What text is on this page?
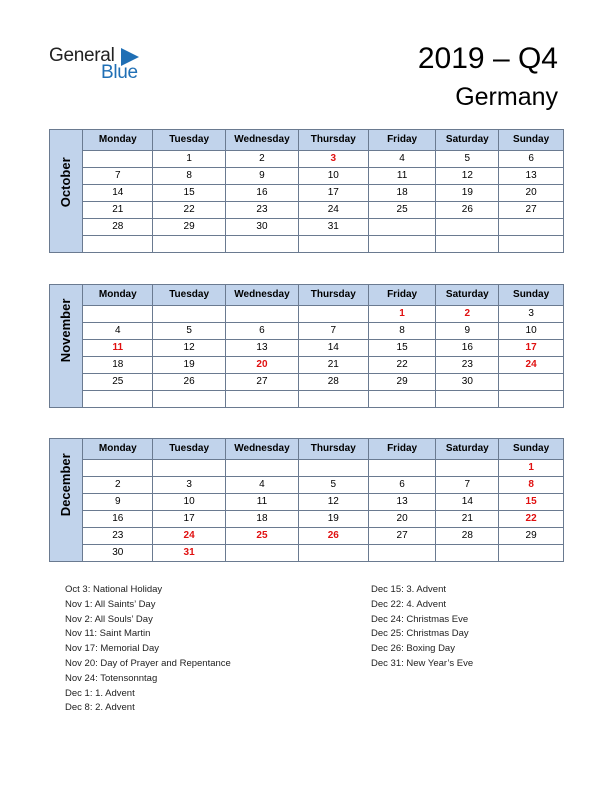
General
Blue	2019 – Q4
Germany
October	Monday	Tuesday	Wednesday	Thursday	Friday	Saturday	Sunday
		1	2	3	4	5	6
	7	8	9	10	11	12	13
	14	15	16	17	18	19	20
	21	22	23	24	25	26	27
	28	29	30	31			

November	Monday	Tuesday	Wednesday	Thursday	Friday	Saturday	Sunday
					1	2	3
	4	5	6	7	8	9	10
	11	12	13	14	15	16	17
	18	19	20	21	22	23	24
	25	26	27	28	29	30	

December	Monday	Tuesday	Wednesday	Thursday	Friday	Saturday	Sunday
							1
	2	3	4	5	6	7	8
	9	10	11	12	13	14	15
	16	17	18	19	20	21	22
	23	24	25	26	27	28	29
	30	31					
Oct 3: National Holiday
Nov 1: All Saints’ Day
Nov 2: All Souls’ Day
Nov 11: Saint Martin
Nov 17: Memorial Day
Nov 20: Day of Prayer and Repentance
Nov 24: Totensonntag
Dec 1: 1. Advent
Dec 8: 2. Advent
Dec 15: 3. Advent
Dec 22: 4. Advent
Dec 24: Christmas Eve
Dec 25: Christmas Day
Dec 26: Boxing Day
Dec 31: New Year’s Eve
